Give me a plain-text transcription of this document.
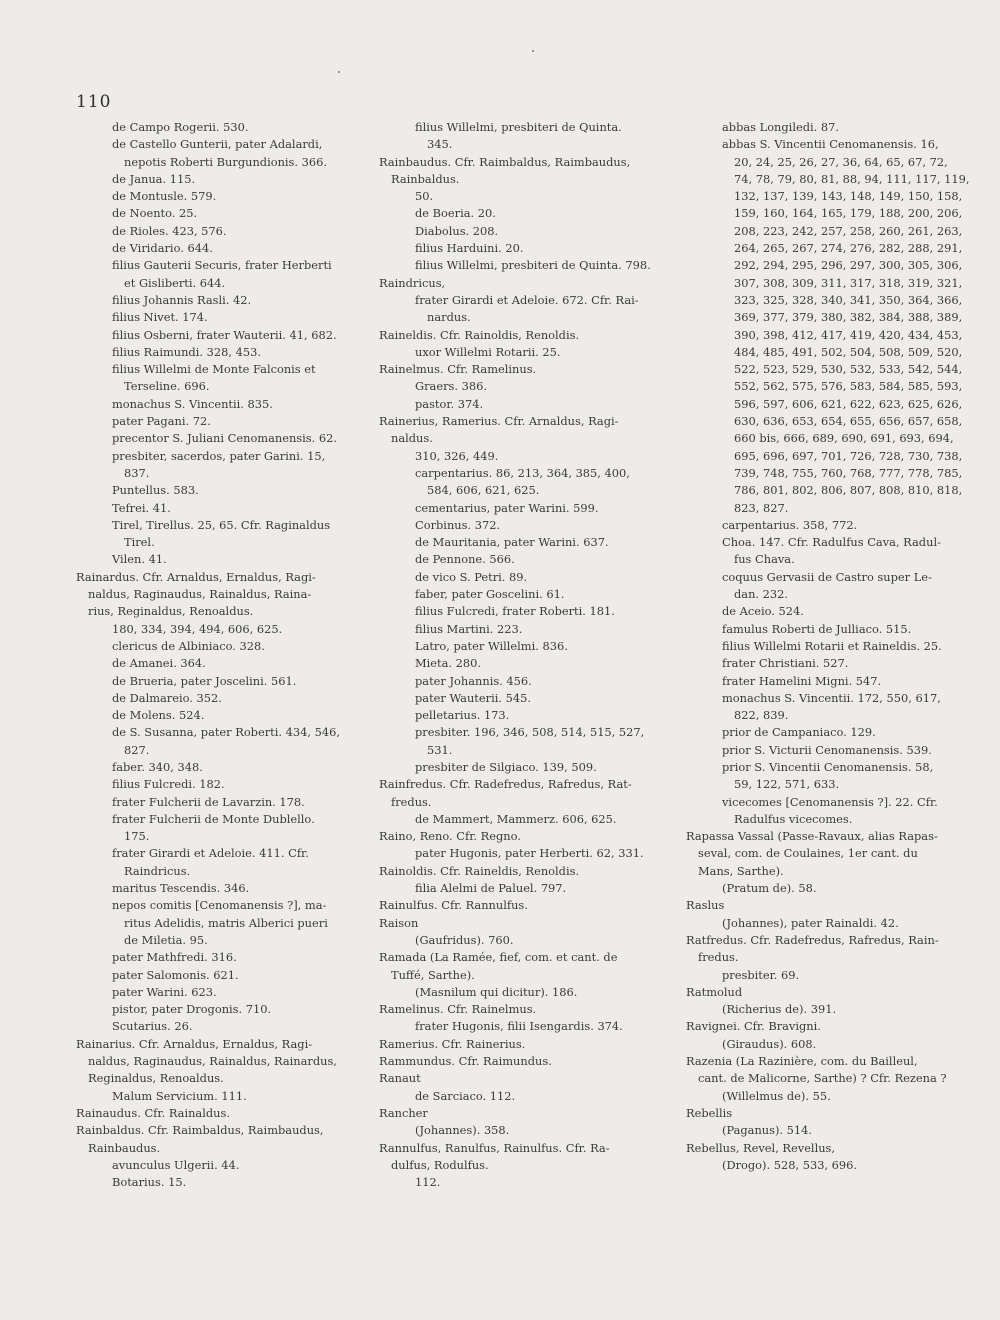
110
de Campo Rogerii. 530.
de Castello Gunterii, pater Adalardi,
nepotis Roberti Burgundionis. 366.
de Janua. 115.
de Montusle. 579.
de Noento. 25.
de Rioles. 423, 576.
de Viridario. 644.
filius Gauterii Securis, frater Herberti
et Gisliberti. 644.
filius Johannis Rasli. 42.
filius Nivet. 174.
filius Osberni, frater Wauterii. 41, 682.
filius Raimundi. 328, 453.
filius Willelmi de Monte Falconis et
Terseline. 696.
monachus S. Vincentii. 835.
pater Pagani. 72.
precentor S. Juliani Cenomanensis. 62.
presbiter, sacerdos, pater Garini. 15,
837.
Puntellus. 583.
Tefrei. 41.
Tirel, Tirellus. 25, 65. Cfr. Raginaldus
Tirel.
Vilen. 41.
Rainardus. Cfr. Arnaldus, Ernaldus, Ragi-
naldus, Raginaudus, Rainaldus, Raina-
rius, Reginaldus, Renoaldus.
180, 334, 394, 494, 606, 625.
clericus de Albiniaco. 328.
de Amanei. 364.
de Brueria, pater Joscelini. 561.
de Dalmareio. 352.
de Molens. 524.
de S. Susanna, pater Roberti. 434, 546,
827.
faber. 340, 348.
filius Fulcredi. 182.
frater Fulcherii de Lavarzin. 178.
frater Fulcherii de Monte Dublello.
175.
frater Girardi et Adeloie. 411. Cfr.
Raindricus.
maritus Tescendis. 346.
nepos comitis [Cenomanensis ?], ma-
ritus Adelidis, matris Alberici pueri
de Miletia. 95.
pater Mathfredi. 316.
pater Salomonis. 621.
pater Warini. 623.
pistor, pater Drogonis. 710.
Scutarius. 26.
Rainarius. Cfr. Arnaldus, Ernaldus, Ragi-
naldus, Raginaudus, Rainaldus, Rainardus,
Reginaldus, Renoaldus.
Malum Servicium. 111.
Rainaudus. Cfr. Rainaldus.
Rainbaldus. Cfr. Raimbaldus, Raimbaudus,
Rainbaudus.
avunculus Ulgerii. 44.
Botarius. 15.
filius Willelmi, presbiteri de Quinta.
345.
Rainbaudus. Cfr. Raimbaldus, Raimbaudus,
Rainbaldus.
50.
de Boeria. 20.
Diabolus. 208.
filius Harduini. 20.
filius Willelmi, presbiteri de Quinta. 798.
Raindricus,
frater Girardi et Adeloie. 672. Cfr. Rai-
nardus.
Raineldis. Cfr. Rainoldis, Renoldis.
uxor Willelmi Rotarii. 25.
Rainelmus. Cfr. Ramelinus.
Graers. 386.
pastor. 374.
Rainerius, Ramerius. Cfr. Arnaldus, Ragi-
naldus.
310, 326, 449.
carpentarius. 86, 213, 364, 385, 400,
584, 606, 621, 625.
cementarius, pater Warini. 599.
Corbinus. 372.
de Mauritania, pater Warini. 637.
de Pennone. 566.
de vico S. Petri. 89.
faber, pater Goscelini. 61.
filius Fulcredi, frater Roberti. 181.
filius Martini. 223.
Latro, pater Willelmi. 836.
Mieta. 280.
pater Johannis. 456.
pater Wauterii. 545.
pelletarius. 173.
presbiter. 196, 346, 508, 514, 515, 527,
531.
presbiter de Silgiaco. 139, 509.
Rainfredus. Cfr. Radefredus, Rafredus, Rat-
fredus.
de Mammert, Mammerz. 606, 625.
Raino, Reno. Cfr. Regno.
pater Hugonis, pater Herberti. 62, 331.
Rainoldis. Cfr. Raineldis, Renoldis.
filia Alelmi de Paluel. 797.
Rainulfus. Cfr. Rannulfus.
Raison
(Gaufridus). 760.
Ramada (La Ramée, fief, com. et cant. de
Tuffé, Sarthe).
(Masnilum qui dicitur). 186.
Ramelinus. Cfr. Rainelmus.
frater Hugonis, filii Isengardis. 374.
Ramerius. Cfr. Rainerius.
Rammundus. Cfr. Raimundus.
Ranaut
de Sarciaco. 112.
Rancher
(Johannes). 358.
Rannulfus, Ranulfus, Rainulfus. Cfr. Ra-
dulfus, Rodulfus.
112.
abbas Longiledi. 87.
abbas S. Vincentii Cenomanensis. 16,
20, 24, 25, 26, 27, 36, 64, 65, 67, 72,
74, 78, 79, 80, 81, 88, 94, 111, 117, 119,
132, 137, 139, 143, 148, 149, 150, 158,
159, 160, 164, 165, 179, 188, 200, 206,
208, 223, 242, 257, 258, 260, 261, 263,
264, 265, 267, 274, 276, 282, 288, 291,
292, 294, 295, 296, 297, 300, 305, 306,
307, 308, 309, 311, 317, 318, 319, 321,
323, 325, 328, 340, 341, 350, 364, 366,
369, 377, 379, 380, 382, 384, 388, 389,
390, 398, 412, 417, 419, 420, 434, 453,
484, 485, 491, 502, 504, 508, 509, 520,
522, 523, 529, 530, 532, 533, 542, 544,
552, 562, 575, 576, 583, 584, 585, 593,
596, 597, 606, 621, 622, 623, 625, 626,
630, 636, 653, 654, 655, 656, 657, 658,
660 bis, 666, 689, 690, 691, 693, 694,
695, 696, 697, 701, 726, 728, 730, 738,
739, 748, 755, 760, 768, 777, 778, 785,
786, 801, 802, 806, 807, 808, 810, 818,
823, 827.
carpentarius. 358, 772.
Choa. 147. Cfr. Radulfus Cava, Radul-
fus Chava.
coquus Gervasii de Castro super Le-
dan. 232.
de Aceio. 524.
famulus Roberti de Julliaco. 515.
filius Willelmi Rotarii et Raineldis. 25.
frater Christiani. 527.
frater Hamelini Migni. 547.
monachus S. Vincentii. 172, 550, 617,
822, 839.
prior de Campaniaco. 129.
prior S. Victurii Cenomanensis. 539.
prior S. Vincentii Cenomanensis. 58,
59, 122, 571, 633.
vicecomes [Cenomanensis ?]. 22. Cfr.
Radulfus vicecomes.
Rapassa Vassal (Passe-Ravaux, alias Rapas-
seval, com. de Coulaines, 1er cant. du
Mans, Sarthe).
(Pratum de). 58.
Raslus
(Johannes), pater Rainaldi. 42.
Ratfredus. Cfr. Radefredus, Rafredus, Rain-
fredus.
presbiter. 69.
Ratmolud
(Richerius de). 391.
Ravignei. Cfr. Bravigni.
(Giraudus). 608.
Razenia (La Razinière, com. du Bailleul,
cant. de Malicorne, Sarthe) ? Cfr. Rezena ?
(Willelmus de). 55.
Rebellis
(Paganus). 514.
Rebellus, Revel, Revellus,
(Drogo). 528, 533, 696.
